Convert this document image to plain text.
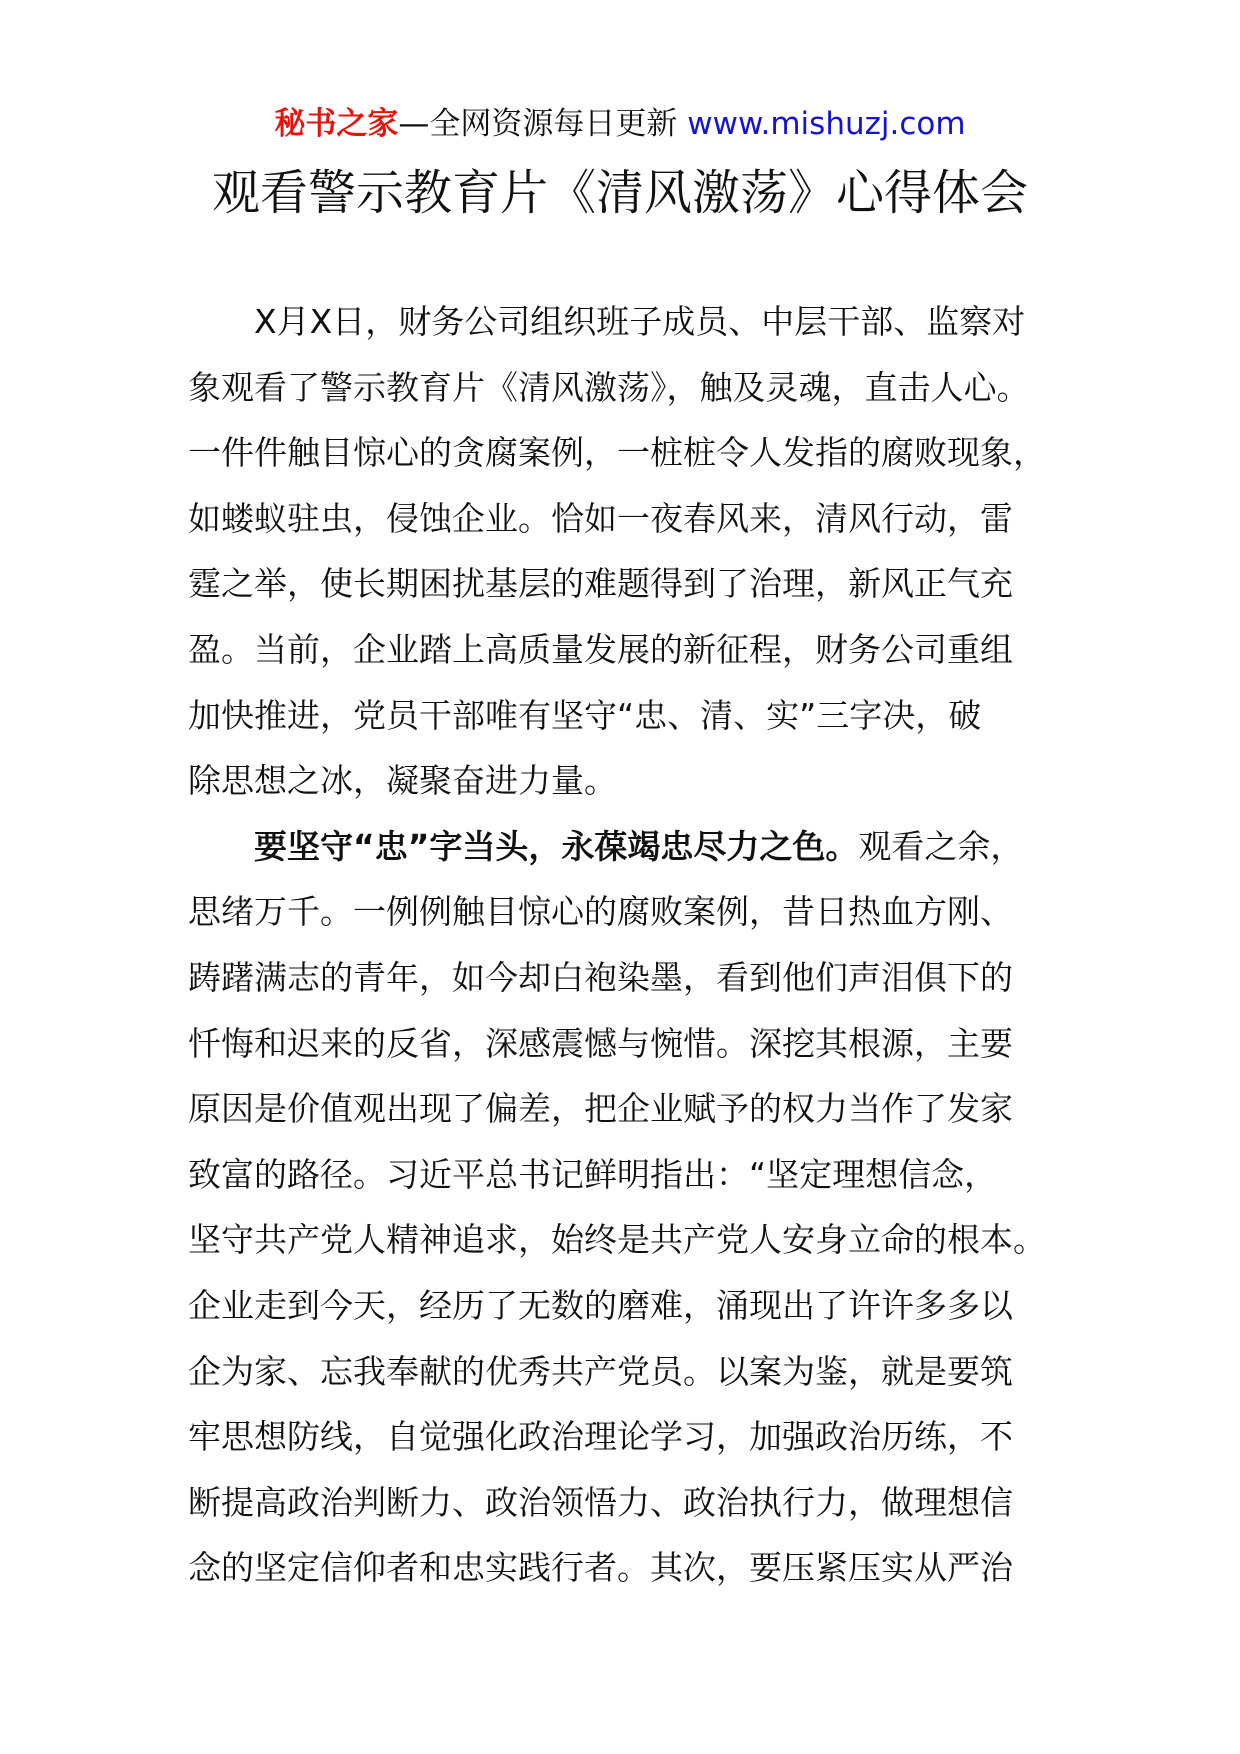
秘书之家—全网资源每日更新 www.mishuzj.com
观看警示教育片《清风激荡》心得体会

X月X日，财务公司组织班子成员、中层干部、监察对
象观看了警示教育片《清风激荡》，触及灵魂，直击人心。
一件件触目惊心的贪腐案例，一桩桩令人发指的腐败现象，
如蝼蚁驻虫，侵蚀企业。恰如一夜春风来，清风行动，雷
霆之举，使长期困扰基层的难题得到了治理，新风正气充
盈。当前，企业踏上高质量发展的新征程，财务公司重组
加快推进，党员干部唯有坚守“忠、清、实”三字决，破
除思想之冰，凝聚奋进力量。

要坚守“忠”字当头，永葆竭忠尽力之色。观看之余，
思绪万千。一例例触目惊心的腐败案例，昔日热血方刚、
踌躇满志的青年，如今却白袍染墨，看到他们声泪俱下的
忏悔和迟来的反省，深感震憾与惋惜。深挖其根源，主要
原因是价值观出现了偏差，把企业赋予的权力当作了发家
致富的路径。习近平总书记鲜明指出：“坚定理想信念，
坚守共产党人精神追求，始终是共产党人安身立命的根本。
企业走到今天，经历了无数的磨难，涌现出了许许多多以
企为家、忘我奉献的优秀共产党员。以案为鉴，就是要筑
牢思想防线，自觉强化政治理论学习，加强政治历练，不
断提高政治判断力、政治领悟力、政治执行力，做理想信
念的坚定信仰者和忠实践行者。其次，要压紧压实从严治
